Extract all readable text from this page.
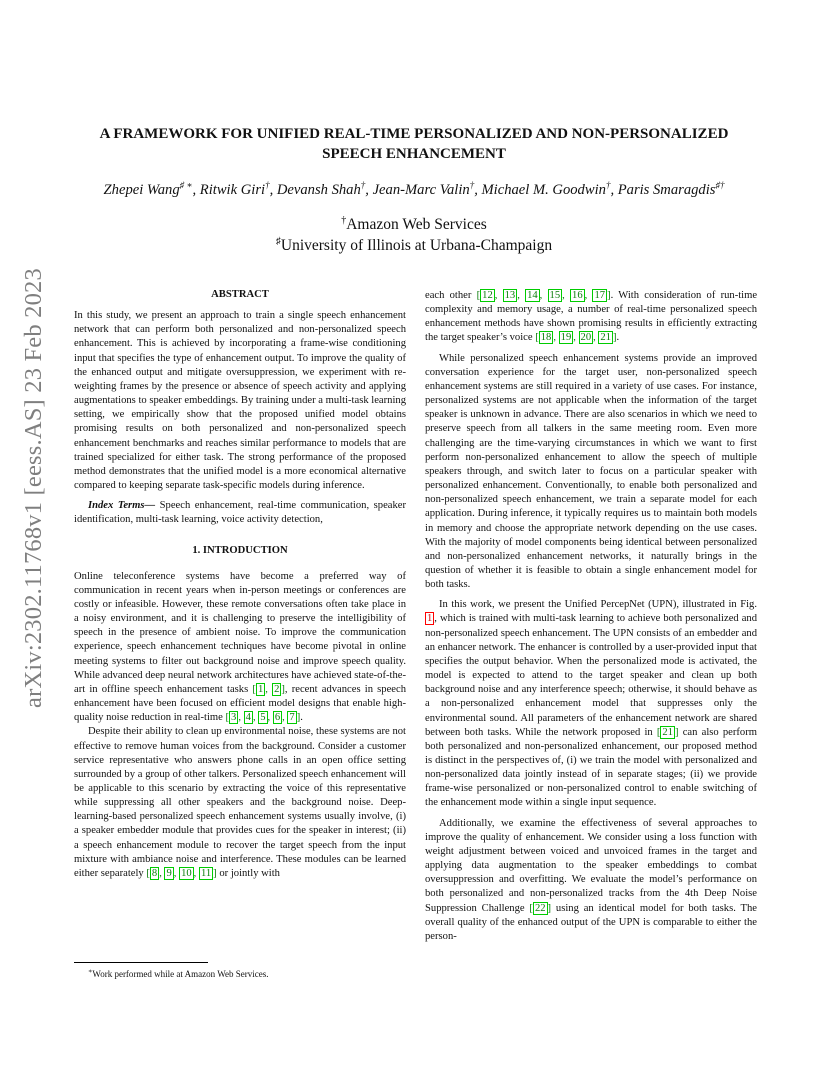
arXiv:2302.11768v1 [eess.AS] 23 Feb 2023
A FRAMEWORK FOR UNIFIED REAL-TIME PERSONALIZED AND NON-PERSONALIZED
SPEECH ENHANCEMENT

Zhepei Wang♯ ∗, Ritwik Giri†, Devansh Shah†, Jean-Marc Valin†, Michael M. Goodwin†, Paris Smaragdis♯†

†Amazon Web Services

♯University of Illinois at Urbana-Champaign

ABSTRACT

In this study, we present an approach to train a single speech enhancement network that can perform both personalized and non-personalized speech enhancement. This is achieved by incorporating a frame-wise conditioning input that specifies the type of enhancement output. To improve the quality of the enhanced output and mitigate oversuppression, we experiment with re-weighting frames by the presence or absence of speech activity and applying augmentations to speaker embeddings. By training under a multi-task learning setting, we empirically show that the proposed unified model obtains promising results on both personalized and non-personalized speech enhancement benchmarks and reaches similar performance to models that are trained specialized for either task. The strong performance of the proposed method demonstrates that the unified model is a more economical alternative compared to keeping separate task-specific models during inference.

Index Terms— Speech enhancement, real-time communication, speaker identification, multi-task learning, voice activity detection,

1. INTRODUCTION

Online teleconference systems have become a preferred way of communication in recent years when in-person meetings or conferences are costly or infeasible. However, these remote conversations often take place in a noisy environment, and it is challenging to preserve the intelligibility of speech in the presence of ambient noise. To improve the communication experience, speech enhancement techniques have become pivotal in online meeting systems to filter out background noise and improve speech quality. While advanced deep neural network architectures have achieved state-of-the-art in offline speech enhancement tasks [ 1 , 2 ], recent advances in speech enhancement have been focused on efficient model designs that enable high-quality noise reduction in real-time [ 3 , 4 , 5 , 6 , 7 ].

Despite their ability to clean up environmental noise, these systems are not effective to remove human voices from the background. Consider a customer service representative who answers phone calls in an open office setting surrounded by a group of other talkers. Personalized speech enhancement will be applicable to this scenario by extracting the voice of this representative while suppressing all other speakers and the background noise. Deep-learning-based personalized speech enhancement systems usually involve, (i) a speaker embedder module that provides cues for the speaker in interest; (ii) a speech enhancement module to recover the target speech from the input mixture with ambiance noise and interference. These modules can be learned either separately [ 8 , 9 , 10 , 11 ] or jointly with

each other [ 12 , 13 , 14 , 15 , 16 , 17 ]. With consideration of run-time complexity and memory usage, a number of real-time personalized speech enhancement methods have shown promising results in efficiently extracting the target speaker’s voice [ 18 , 19 , 20 , 21 ].

While personalized speech enhancement systems provide an improved conversation experience for the target user, non-personalized speech enhancement systems are still required in a variety of use cases. For instance, personalized systems are not applicable when the information of the target speaker is unknown in advance. There are also scenarios in which we need to preserve speech from all talkers in the same meeting room. Even more challenging are the time-varying circumstances in which we want to first perform non-personalized enhancement to allow the speech of multiple speakers through, and switch later to focus on a particular speaker with personalized enhancement. Conventionally, to enable both personalized and non-personalized speech enhancement, we train a separate model for each application. During inference, it typically requires us to maintain both models in memory and choose the appropriate network depending on the use cases. With the majority of model components being identical between personalized and non-personalized enhancement networks, it naturally brings in the question of whether it is feasible to obtain a single enhancement model for both tasks.

In this work, we present the Unified PercepNet (UPN), illustrated in Fig. 1 , which is trained with multi-task learning to achieve both personalized and non-personalized speech enhancement. The UPN consists of an embedder and an enhancer network. The enhancer is controlled by a user-provided input that specifies the output behavior. When the personalized mode is activated, the model is expected to attend to the target speaker and clean up both background noise and any interference speech; otherwise, it should behave as a non-personalized enhancement model that suppresses only the environmental sound. All parameters of the enhancement network are shared between both tasks. While the network proposed in [ 21 ] can also perform both personalized and non-personalized enhancement, our proposed method is distinct in the perspectives of, (i) we train the model with personalized and non-personalized data jointly instead of in separate stages; (ii) we provide frame-wise personalized or non-personalized control to enable switching of the enhancement mode within a single input sequence.

Additionally, we examine the effectiveness of several approaches to improve the quality of enhancement. We consider using a loss function with weight adjustment between voiced and unvoiced frames in the target and applying data augmentation to the speaker embeddings to combat oversuppression and overfitting. We evaluate the model’s performance on both personalized and non-personalized tracks from the 4th Deep Noise Suppression Challenge [ 22 ] using an identical model for both tasks. The overall quality of the enhanced output of the UPN is comparable to either the person-

∗Work performed while at Amazon Web Services.
